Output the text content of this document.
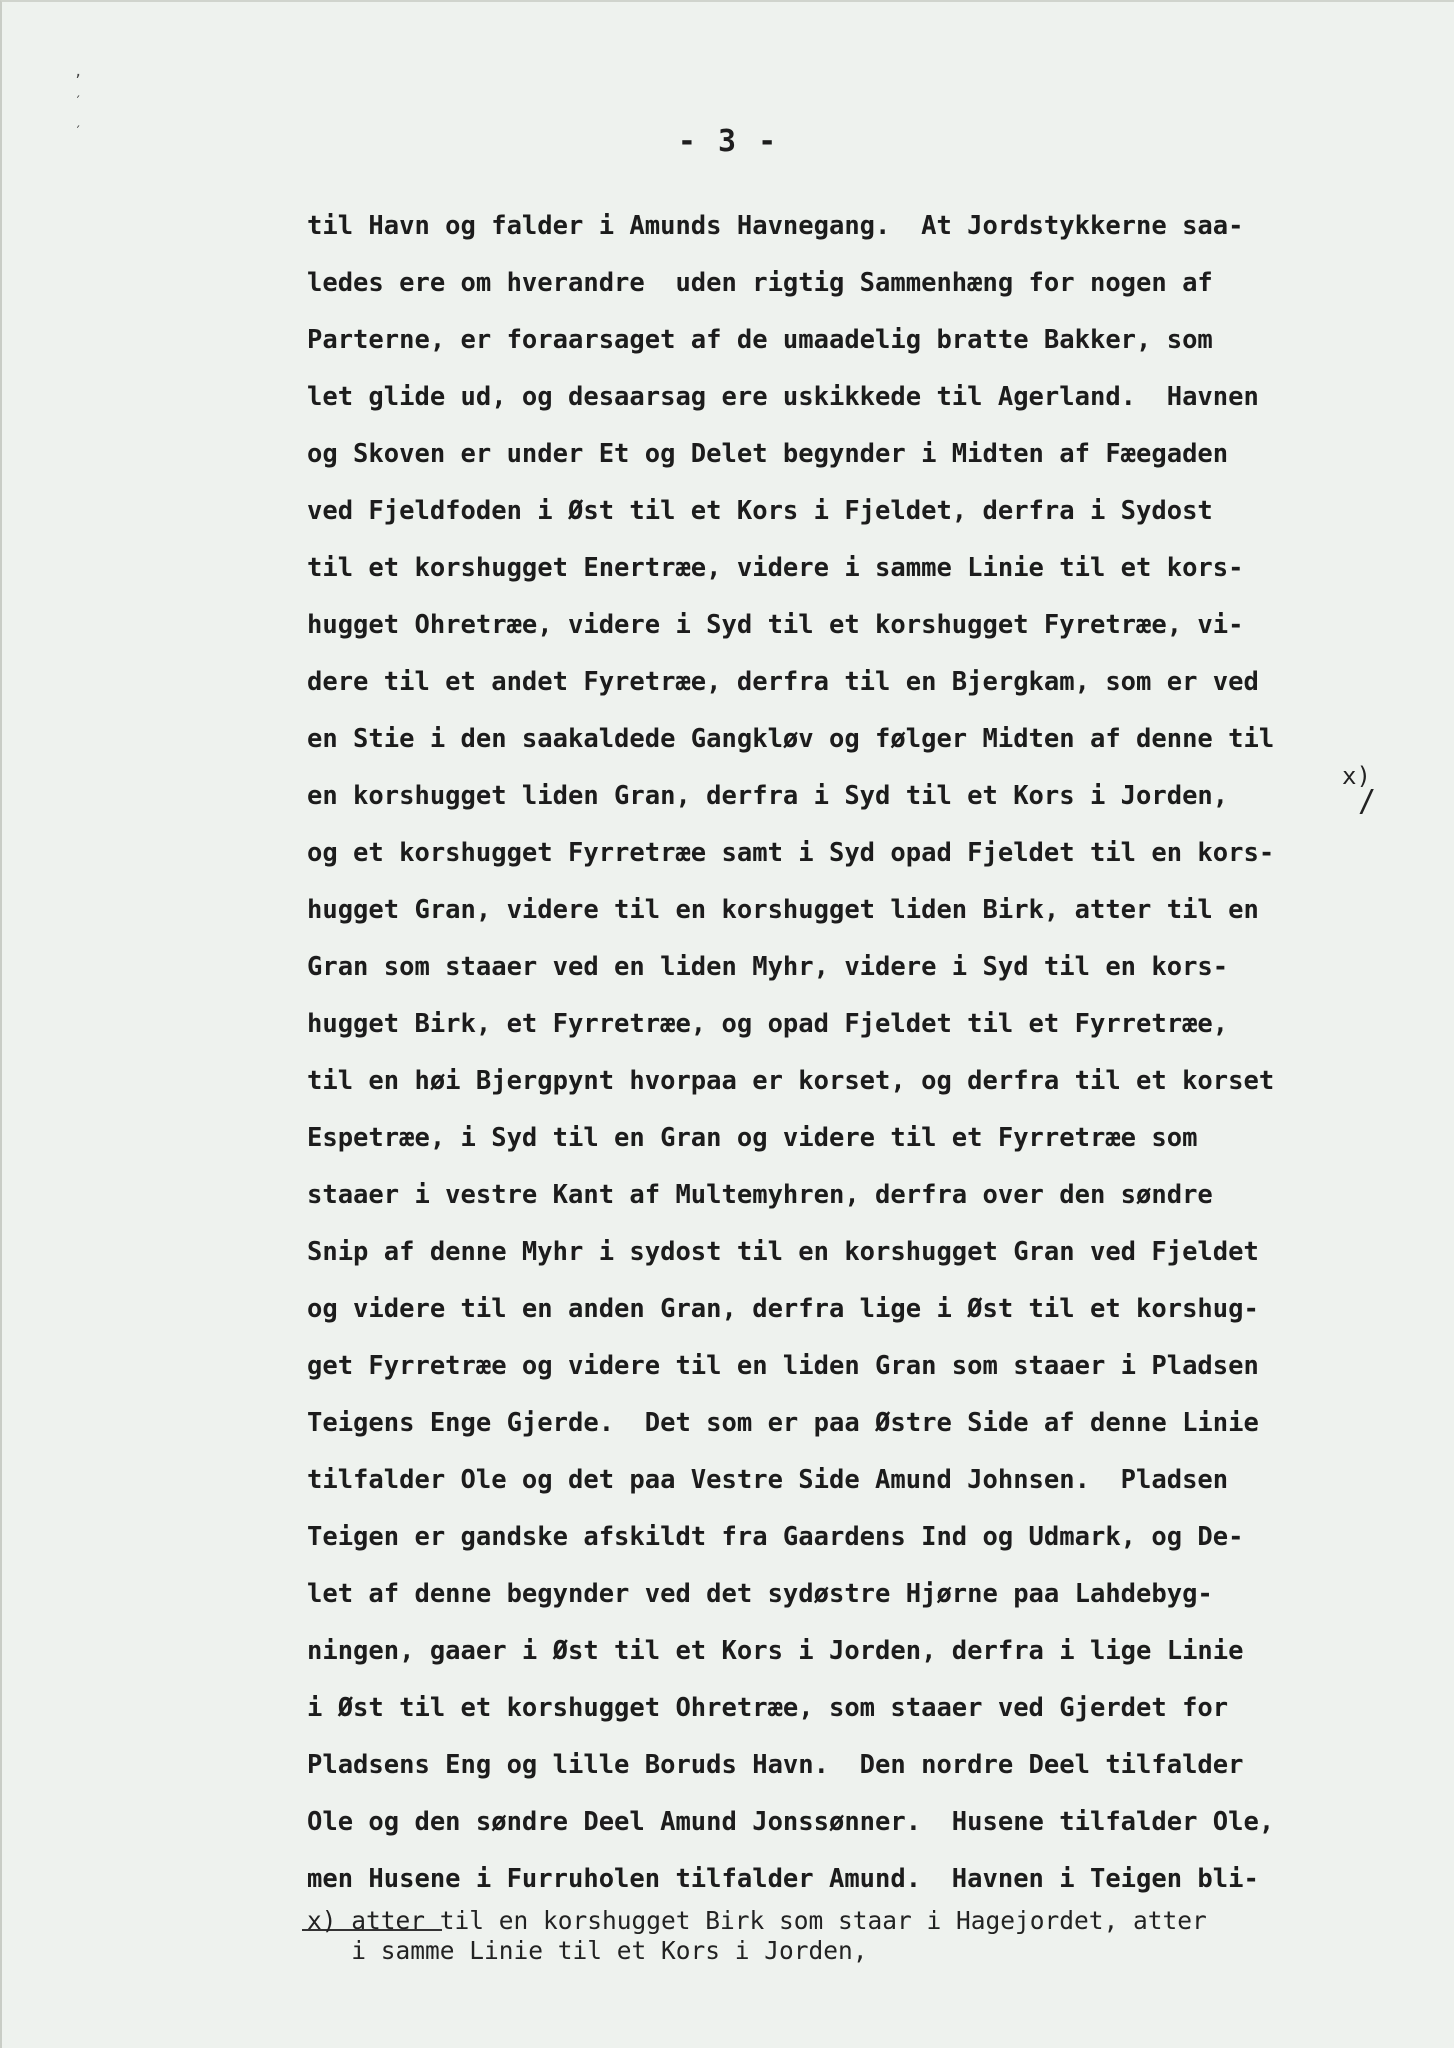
,
′
′	- 3 -
til Havn og falder i Amunds Havnegang.  At Jordstykkerne saa-
ledes ere om hverandre  uden rigtig Sammenhæng for nogen af
Parterne, er foraarsaget af de umaadelig bratte Bakker, som
let glide ud, og desaarsag ere uskikkede til Agerland.  Havnen
og Skoven er under Et og Delet begynder i Midten af Fæegaden
ved Fjeldfoden i Øst til et Kors i Fjeldet, derfra i Sydost
til et korshugget Enertræe, videre i samme Linie til et kors-
hugget Ohretræe, videre i Syd til et korshugget Fyretræe, vi-
dere til et andet Fyretræe, derfra til en Bjergkam, som er ved
en Stie i den saakaldede Gangkløv og følger Midten af denne til
en korshugget liden Gran, derfra i Syd til et Kors i Jorden,
og et korshugget Fyrretræe samt i Syd opad Fjeldet til en kors-
hugget Gran, videre til en korshugget liden Birk, atter til en
Gran som staaer ved en liden Myhr, videre i Syd til en kors-
hugget Birk, et Fyrretræe, og opad Fjeldet til et Fyrretræe,
til en høi Bjergpynt hvorpaa er korset, og derfra til et korset
Espetræe, i Syd til en Gran og videre til et Fyrretræe som
staaer i vestre Kant af Multemyhren, derfra over den søndre
Snip af denne Myhr i sydost til en korshugget Gran ved Fjeldet
og videre til en anden Gran, derfra lige i Øst til et korshug-
get Fyrretræe og videre til en liden Gran som staaer i Pladsen
Teigens Enge Gjerde.  Det som er paa Østre Side af denne Linie
tilfalder Ole og det paa Vestre Side Amund Johnsen.  Pladsen
Teigen er gandske afskildt fra Gaardens Ind og Udmark, og De-
let af denne begynder ved det sydøstre Hjørne paa Lahdebyg-
ningen, gaaer i Øst til et Kors i Jorden, derfra i lige Linie
i Øst til et korshugget Ohretræe, som staaer ved Gjerdet for
Pladsens Eng og lille Boruds Havn.  Den nordre Deel tilfalder
Ole og den søndre Deel Amund Jonssønner.  Husene tilfalder Ole,
men Husene i Furruholen tilfalder Amund.  Havnen i Teigen bli-
x)
/
x) atter til en korshugget Birk som staar i Hagejordet, atter
i samme Linie til et Kors i Jorden,
